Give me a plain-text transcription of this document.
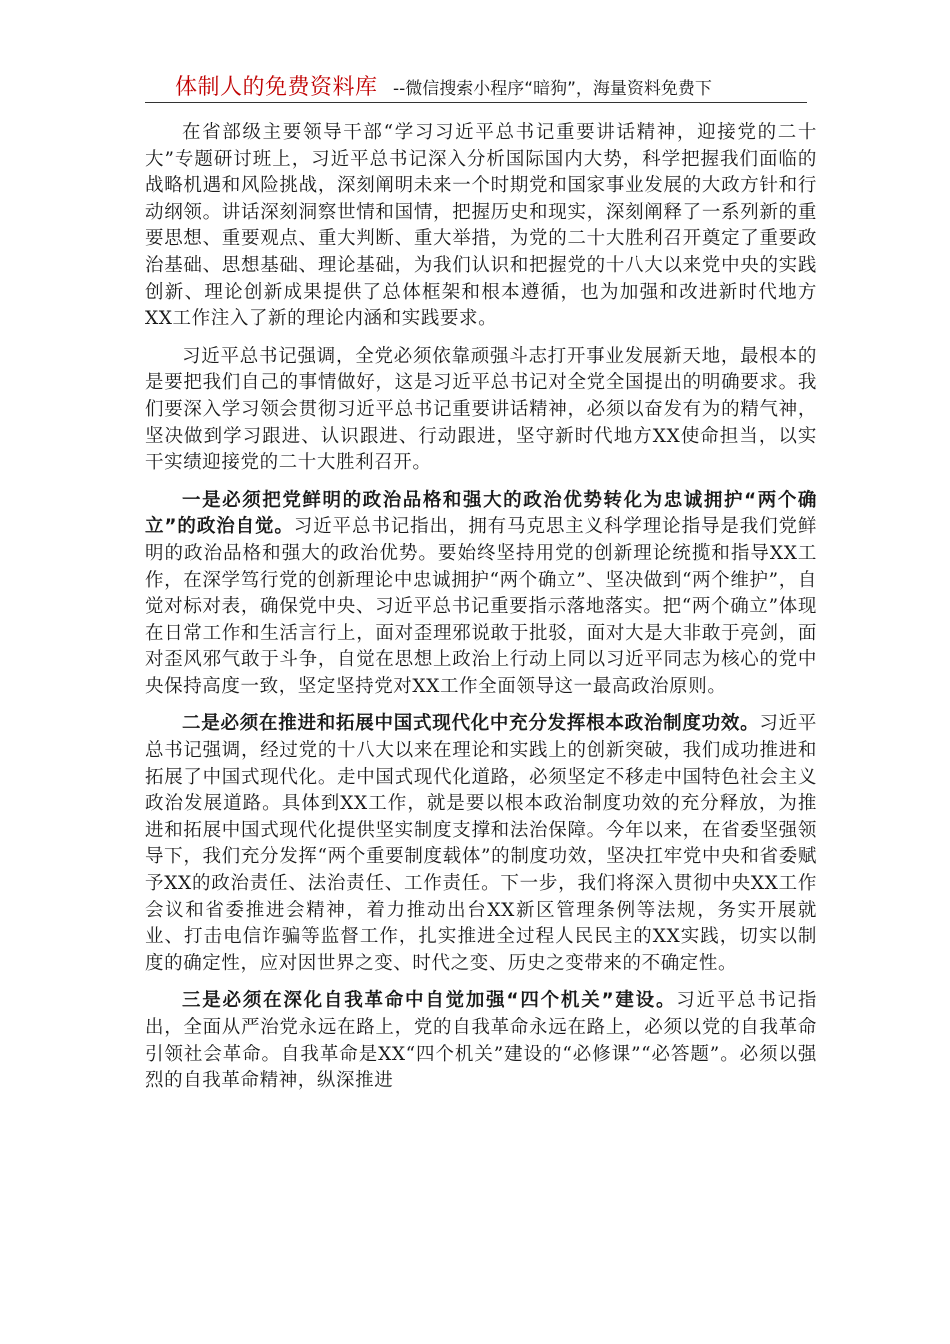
体制人的免费资料库 --微信搜索小程序“暗狗”，海量资料免费下

在省部级主要领导干部“学习习近平总书记重要讲话精神，迎接党的二十大”专题研讨班上，习近平总书记深入分析国际国内大势，科学把握我们面临的战略机遇和风险挑战，深刻阐明未来一个时期党和国家事业发展的大政方针和行动纲领。讲话深刻洞察世情和国情，把握历史和现实，深刻阐释了一系列新的重要思想、重要观点、重大判断、重大举措，为党的二十大胜利召开奠定了重要政治基础、思想基础、理论基础，为我们认识和把握党的十八大以来党中央的实践创新、理论创新成果提供了总体框架和根本遵循，也为加强和改进新时代地方XX工作注入了新的理论内涵和实践要求。

习近平总书记强调，全党必须依靠顽强斗志打开事业发展新天地，最根本的是要把我们自己的事情做好，这是习近平总书记对全党全国提出的明确要求。我们要深入学习领会贯彻习近平总书记重要讲话精神，必须以奋发有为的精气神，坚决做到学习跟进、认识跟进、行动跟进，坚守新时代地方XX使命担当，以实干实绩迎接党的二十大胜利召开。

一是必须把党鲜明的政治品格和强大的政治优势转化为忠诚拥护“两个确立”的政治自觉。习近平总书记指出，拥有马克思主义科学理论指导是我们党鲜明的政治品格和强大的政治优势。要始终坚持用党的创新理论统揽和指导XX工作，在深学笃行党的创新理论中忠诚拥护“两个确立”、坚决做到“两个维护”，自觉对标对表，确保党中央、习近平总书记重要指示落地落实。把“两个确立”体现在日常工作和生活言行上，面对歪理邪说敢于批驳，面对大是大非敢于亮剑，面对歪风邪气敢于斗争，自觉在思想上政治上行动上同以习近平同志为核心的党中央保持高度一致，坚定坚持党对XX工作全面领导这一最高政治原则。

二是必须在推进和拓展中国式现代化中充分发挥根本政治制度功效。习近平总书记强调，经过党的十八大以来在理论和实践上的创新突破，我们成功推进和拓展了中国式现代化。走中国式现代化道路，必须坚定不移走中国特色社会主义政治发展道路。具体到XX工作，就是要以根本政治制度功效的充分释放，为推进和拓展中国式现代化提供坚实制度支撑和法治保障。今年以来，在省委坚强领导下，我们充分发挥“两个重要制度载体”的制度功效，坚决扛牢党中央和省委赋予XX的政治责任、法治责任、工作责任。下一步，我们将深入贯彻中央XX工作会议和省委推进会精神，着力推动出台XX新区管理条例等法规，务实开展就业、打击电信诈骗等监督工作，扎实推进全过程人民民主的XX实践，切实以制度的确定性，应对因世界之变、时代之变、历史之变带来的不确定性。

三是必须在深化自我革命中自觉加强“四个机关”建设。习近平总书记指出，全面从严治党永远在路上，党的自我革命永远在路上，必须以党的自我革命引领社会革命。自我革命是XX“四个机关”建设的“必修课”“必答题”。必须以强烈的自我革命精神，纵深推进
